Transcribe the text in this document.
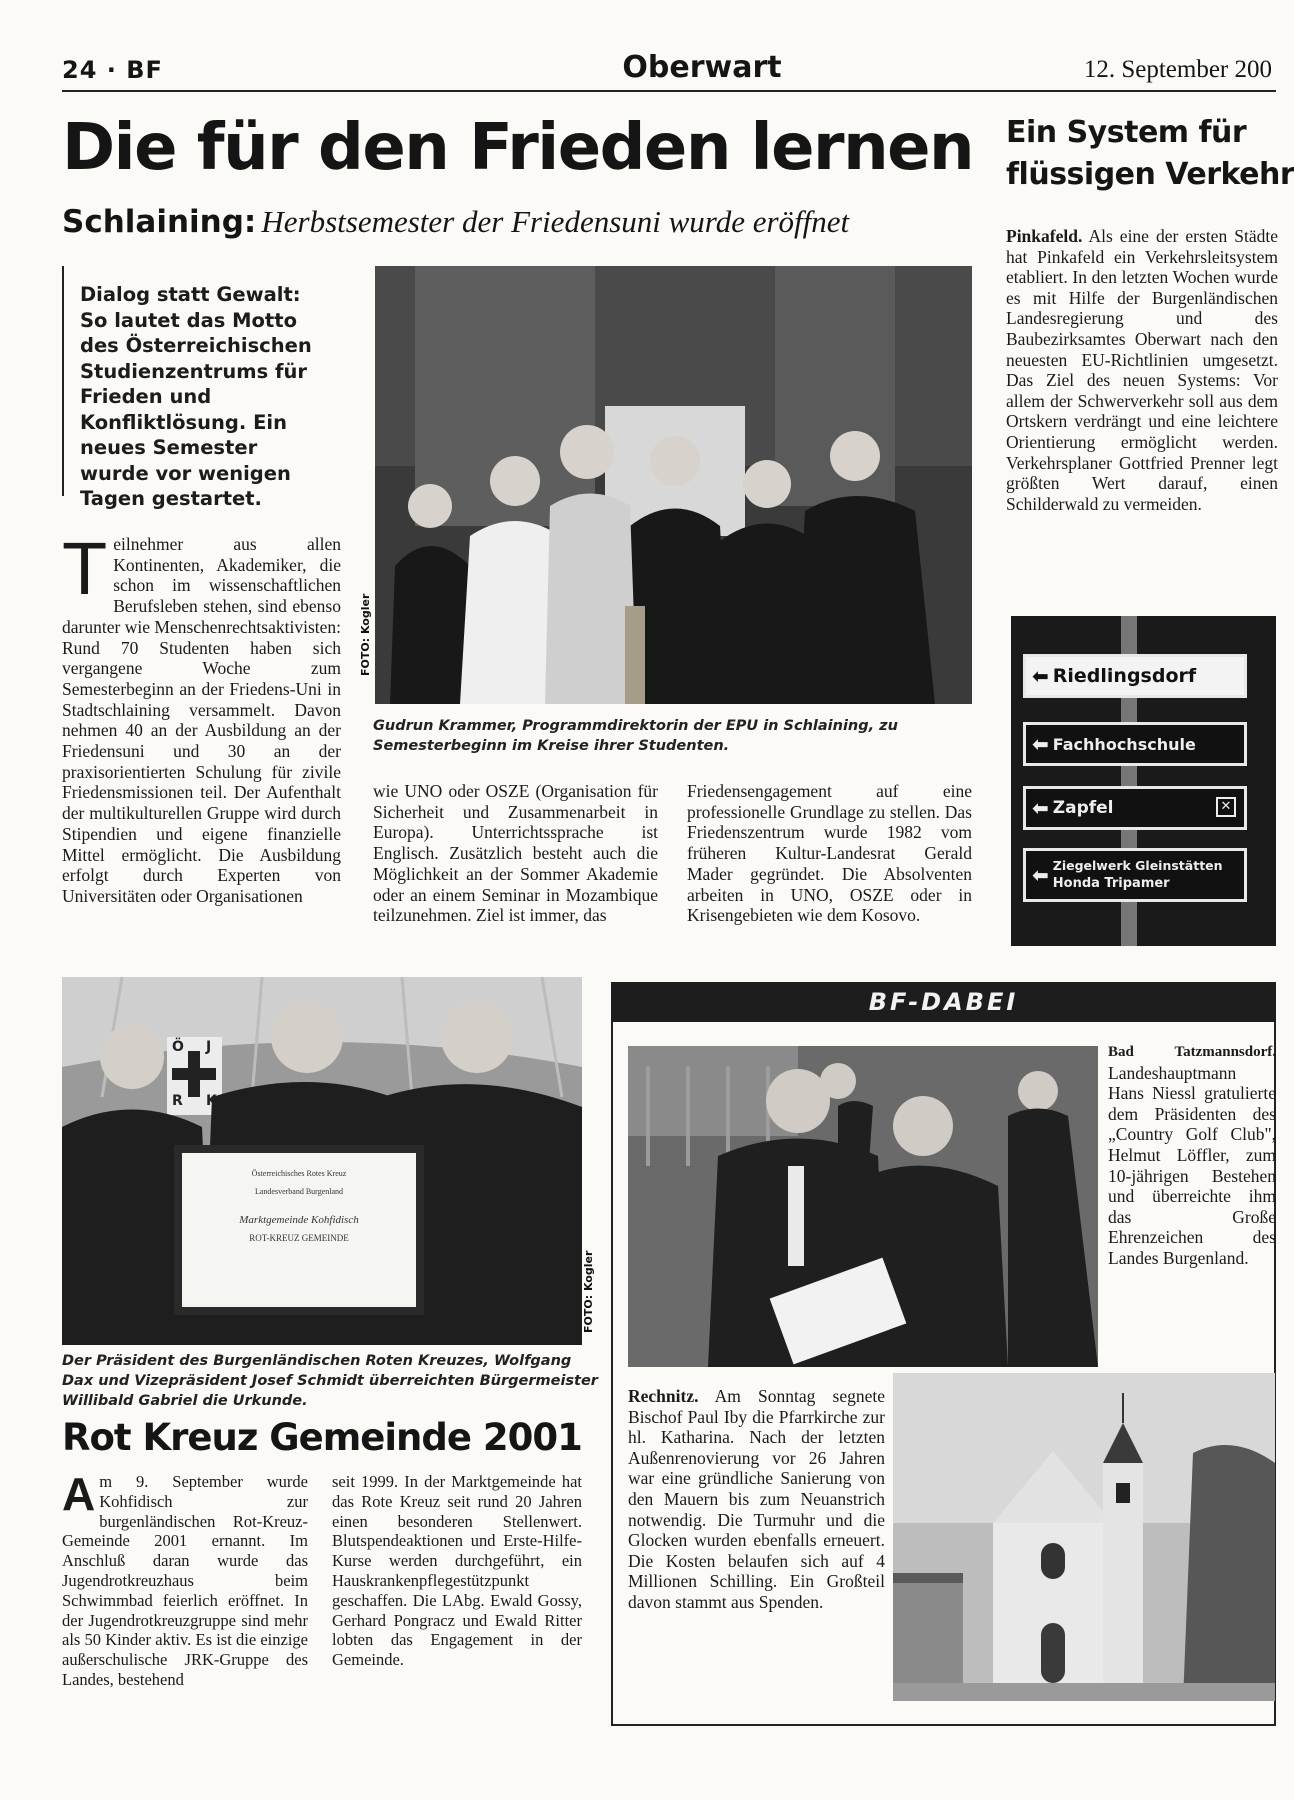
24 · BF	Oberwart	12. September 200
Die für den Frieden lernen
Schlaining: Herbstsemester der Friedensuni wurde eröffnet
Dialog statt Gewalt: So lautet das Motto des Österreichischen Studienzentrums für Frieden und Konfliktlösung. Ein neues Semester wurde vor wenigen Tagen gestartet.
Teilnehmer aus allen Kontinenten, Akademiker, die schon im wissenschaftlichen Berufsleben stehen, sind ebenso darunter wie Menschenrechtsaktivisten: Rund 70 Studenten haben sich vergangene Woche zum Semesterbeginn an der Friedens-Uni in Stadtschlaining versammelt. Davon nehmen 40 an der Ausbildung an der Friedensuni und 30 an der praxisorientierten Schulung für zivile Friedensmissionen teil. Der Aufenthalt der multikulturellen Gruppe wird durch Stipendien und eigene finanzielle Mittel ermöglicht. Die Ausbildung erfolgt durch Experten von Universitäten oder Organisationen
FOTO: Kogler
Gudrun Krammer, Programmdirektorin der EPU in Schlaining, zu Semesterbeginn im Kreise ihrer Studenten.
wie UNO oder OSZE (Organisation für Sicherheit und Zusammenarbeit in Europa). Unterrichtssprache ist Englisch. Zusätzlich besteht auch die Möglichkeit an der Sommer Akademie oder an einem Seminar in Mozambique teilzunehmen. Ziel ist immer, das
Friedensengagement auf eine professionelle Grundlage zu stellen. Das Friedenszentrum wurde 1982 vom früheren Kultur-Landesrat Gerald Mader gegründet. Die Absolventen arbeiten in UNO, OSZE oder in Krisengebieten wie dem Kosovo.
Ein System für
flüssigen Verkehr
Pinkafeld. Als eine der ersten Städte hat Pinkafeld ein Verkehrsleitsystem etabliert. In den letzten Wochen wurde es mit Hilfe der Burgenländischen Landesregierung und des Baubezirksamtes Oberwart nach den neuesten EU-Richtlinien umgesetzt. Das Ziel des neuen Systems: Vor allem der Schwerverkehr soll aus dem Ortskern verdrängt und eine leichtere Orientierung ermöglicht werden. Verkehrsplaner Gottfried Prenner legt größten Wert darauf, einen Schilderwald zu vermeiden.
⬅ Riedlingsdorf
⬅ Fachhochschule
⬅ Zapfel	✕
⬅ Ziegelwerk Gleinstätten
Honda Tripamer
Ö J
R K
Österreichisches Rotes Kreuz
Landesverband Burgenland
Marktgemeinde Kohfidisch
ROT-KREUZ GEMEINDE
FOTO: Kogler
Der Präsident des Burgenländischen Roten Kreuzes, Wolfgang Dax und Vizepräsident Josef Schmidt überreichten Bürgermeister Willibald Gabriel die Urkunde.
Rot Kreuz Gemeinde 2001
Am 9. September wurde Kohfidisch zur burgenländischen Rot-Kreuz-Gemeinde 2001 ernannt. Im Anschluß daran wurde das Jugendrotkreuzhaus beim Schwimmbad feierlich eröffnet. In der Jugendrotkreuzgruppe sind mehr als 50 Kinder aktiv. Es ist die einzige außerschulische JRK-Gruppe des Landes, bestehend
seit 1999. In der Marktgemeinde hat das Rote Kreuz seit rund 20 Jahren einen besonderen Stellenwert. Blutspendeaktionen und Erste-Hilfe-Kurse werden durchgeführt, ein Hauskrankenpflegestützpunkt geschaffen. Die LAbg. Ewald Gossy, Gerhard Pongracz und Ewald Ritter lobten das Engagement in der Gemeinde.
BF-DABEI
Bad Tatzmannsdorf. Landeshauptmann Hans Niessl gratulierte dem Präsidenten des „Country Golf Club", Helmut Löffler, zum 10-jährigen Bestehen und überreichte ihm das Große Ehrenzeichen des Landes Burgenland.
Rechnitz. Am Sonntag segnete Bischof Paul Iby die Pfarrkirche zur hl. Katharina. Nach der letzten Außenrenovierung vor 26 Jahren war eine gründliche Sanierung von den Mauern bis zum Neuanstrich notwendig. Die Turmuhr und die Glocken wurden ebenfalls erneuert. Die Kosten belaufen sich auf 4 Millionen Schilling. Ein Großteil davon stammt aus Spenden.
